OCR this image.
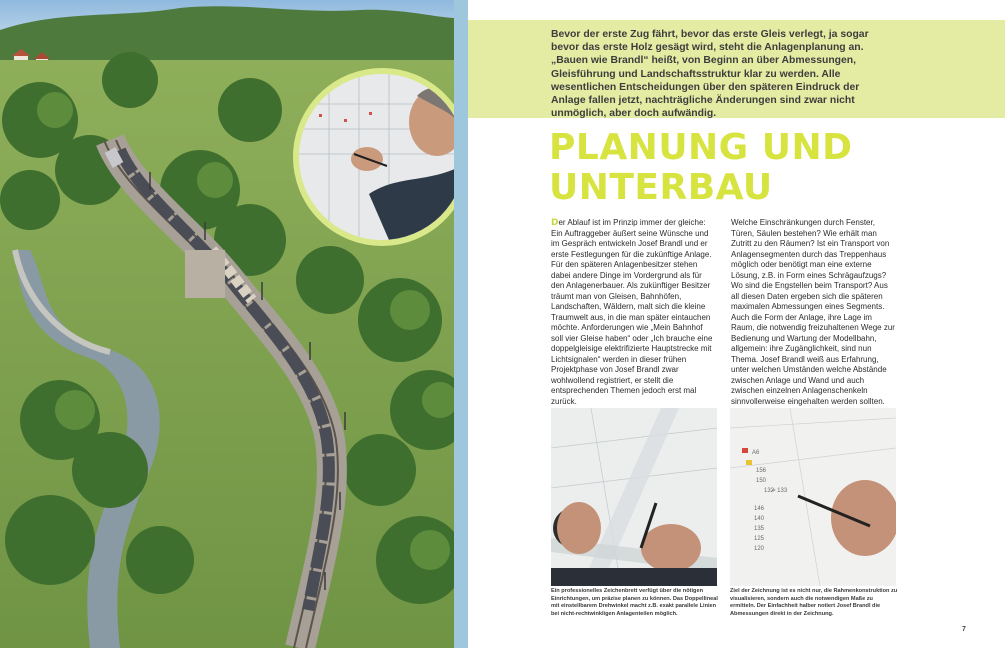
Bevor der erste Zug fährt, bevor das erste Gleis verlegt, ja sogar bevor das erste Holz gesägt wird, steht die Anlagenplanung an. „Bauen wie Brandl“ heißt, von Beginn an über Abmessungen, Gleisführung und Landschaftsstruktur klar zu werden. Alle wesentlichen Entscheidungen über den späteren Eindruck der Anlage fallen jetzt, nachträgliche Änderungen sind zwar nicht unmöglich, aber doch aufwändig.
PLANUNG UND
UNTERBAU

Der Ablauf ist im Prinzip immer der gleiche: Ein Auftraggeber äußert seine Wünsche und im Gespräch entwickeln Josef Brandl und er erste Festlegungen für die zukünftige Anlage. Für den späteren Anlagenbesitzer stehen dabei andere Dinge im Vordergrund als für den Anlagenerbauer. Als zukünftiger Besitzer träumt man von Gleisen, Bahnhöfen, Landschaften, Wäldern, malt sich die kleine Traumwelt aus, in die man später eintauchen möchte. Anforderungen wie „Mein Bahnhof soll vier Gleise haben“ oder „Ich brauche eine doppelgleisige elektrifizierte Hauptstrecke mit Lichtsignalen“ werden in dieser frühen Projektphase von Josef Brandl zwar wohlwollend registriert, er stellt die entsprechenden Themen jedoch erst mal zurück.

Welche Einschränkungen durch Fenster, Türen, Säulen bestehen? Wie erhält man Zutritt zu den Räumen? Ist ein Transport von Anlagensegmenten durch das Treppenhaus möglich oder benötigt man eine externe Lösung, z.B. in Form eines Schrägaufzugs? Wo sind die Engstellen beim Transport? Aus all diesen Daten ergeben sich die späteren maximalen Abmessungen eines Segments. Auch die Form der Anlage, ihre Lage im Raum, die notwendig freizuhaltenen Wege zur Bedienung und Wartung der Modellbahn, allgemein: ihre Zugänglichkeit, sind nun Thema. Josef Brandl weiß aus Erfahrung, unter welchen Umständen welche Abstände zwischen Anlage und Wand und auch zwischen einzelnen Anlagenschenkeln sinnvollerweise eingehalten werden sollten.

A6
156
150
132
= 133
146
140
135
125
120
Ein professionelles Zeichenbrett verfügt über die nötigen Einrichtungen, um präzise planen zu können. Das Doppellineal mit einstellbarem Drehwinkel macht z.B. exakt parallele Linien bei nicht-rechtwinkligen Anlagenteilen möglich.
Ziel der Zeichnung ist es nicht nur, die Rahmenkonstruktion zu visualisieren, sondern auch die notwendigen Maße zu ermitteln. Der Einfachheit halber notiert Josef Brandl die Abmessungen direkt in der Zeichnung.
7
